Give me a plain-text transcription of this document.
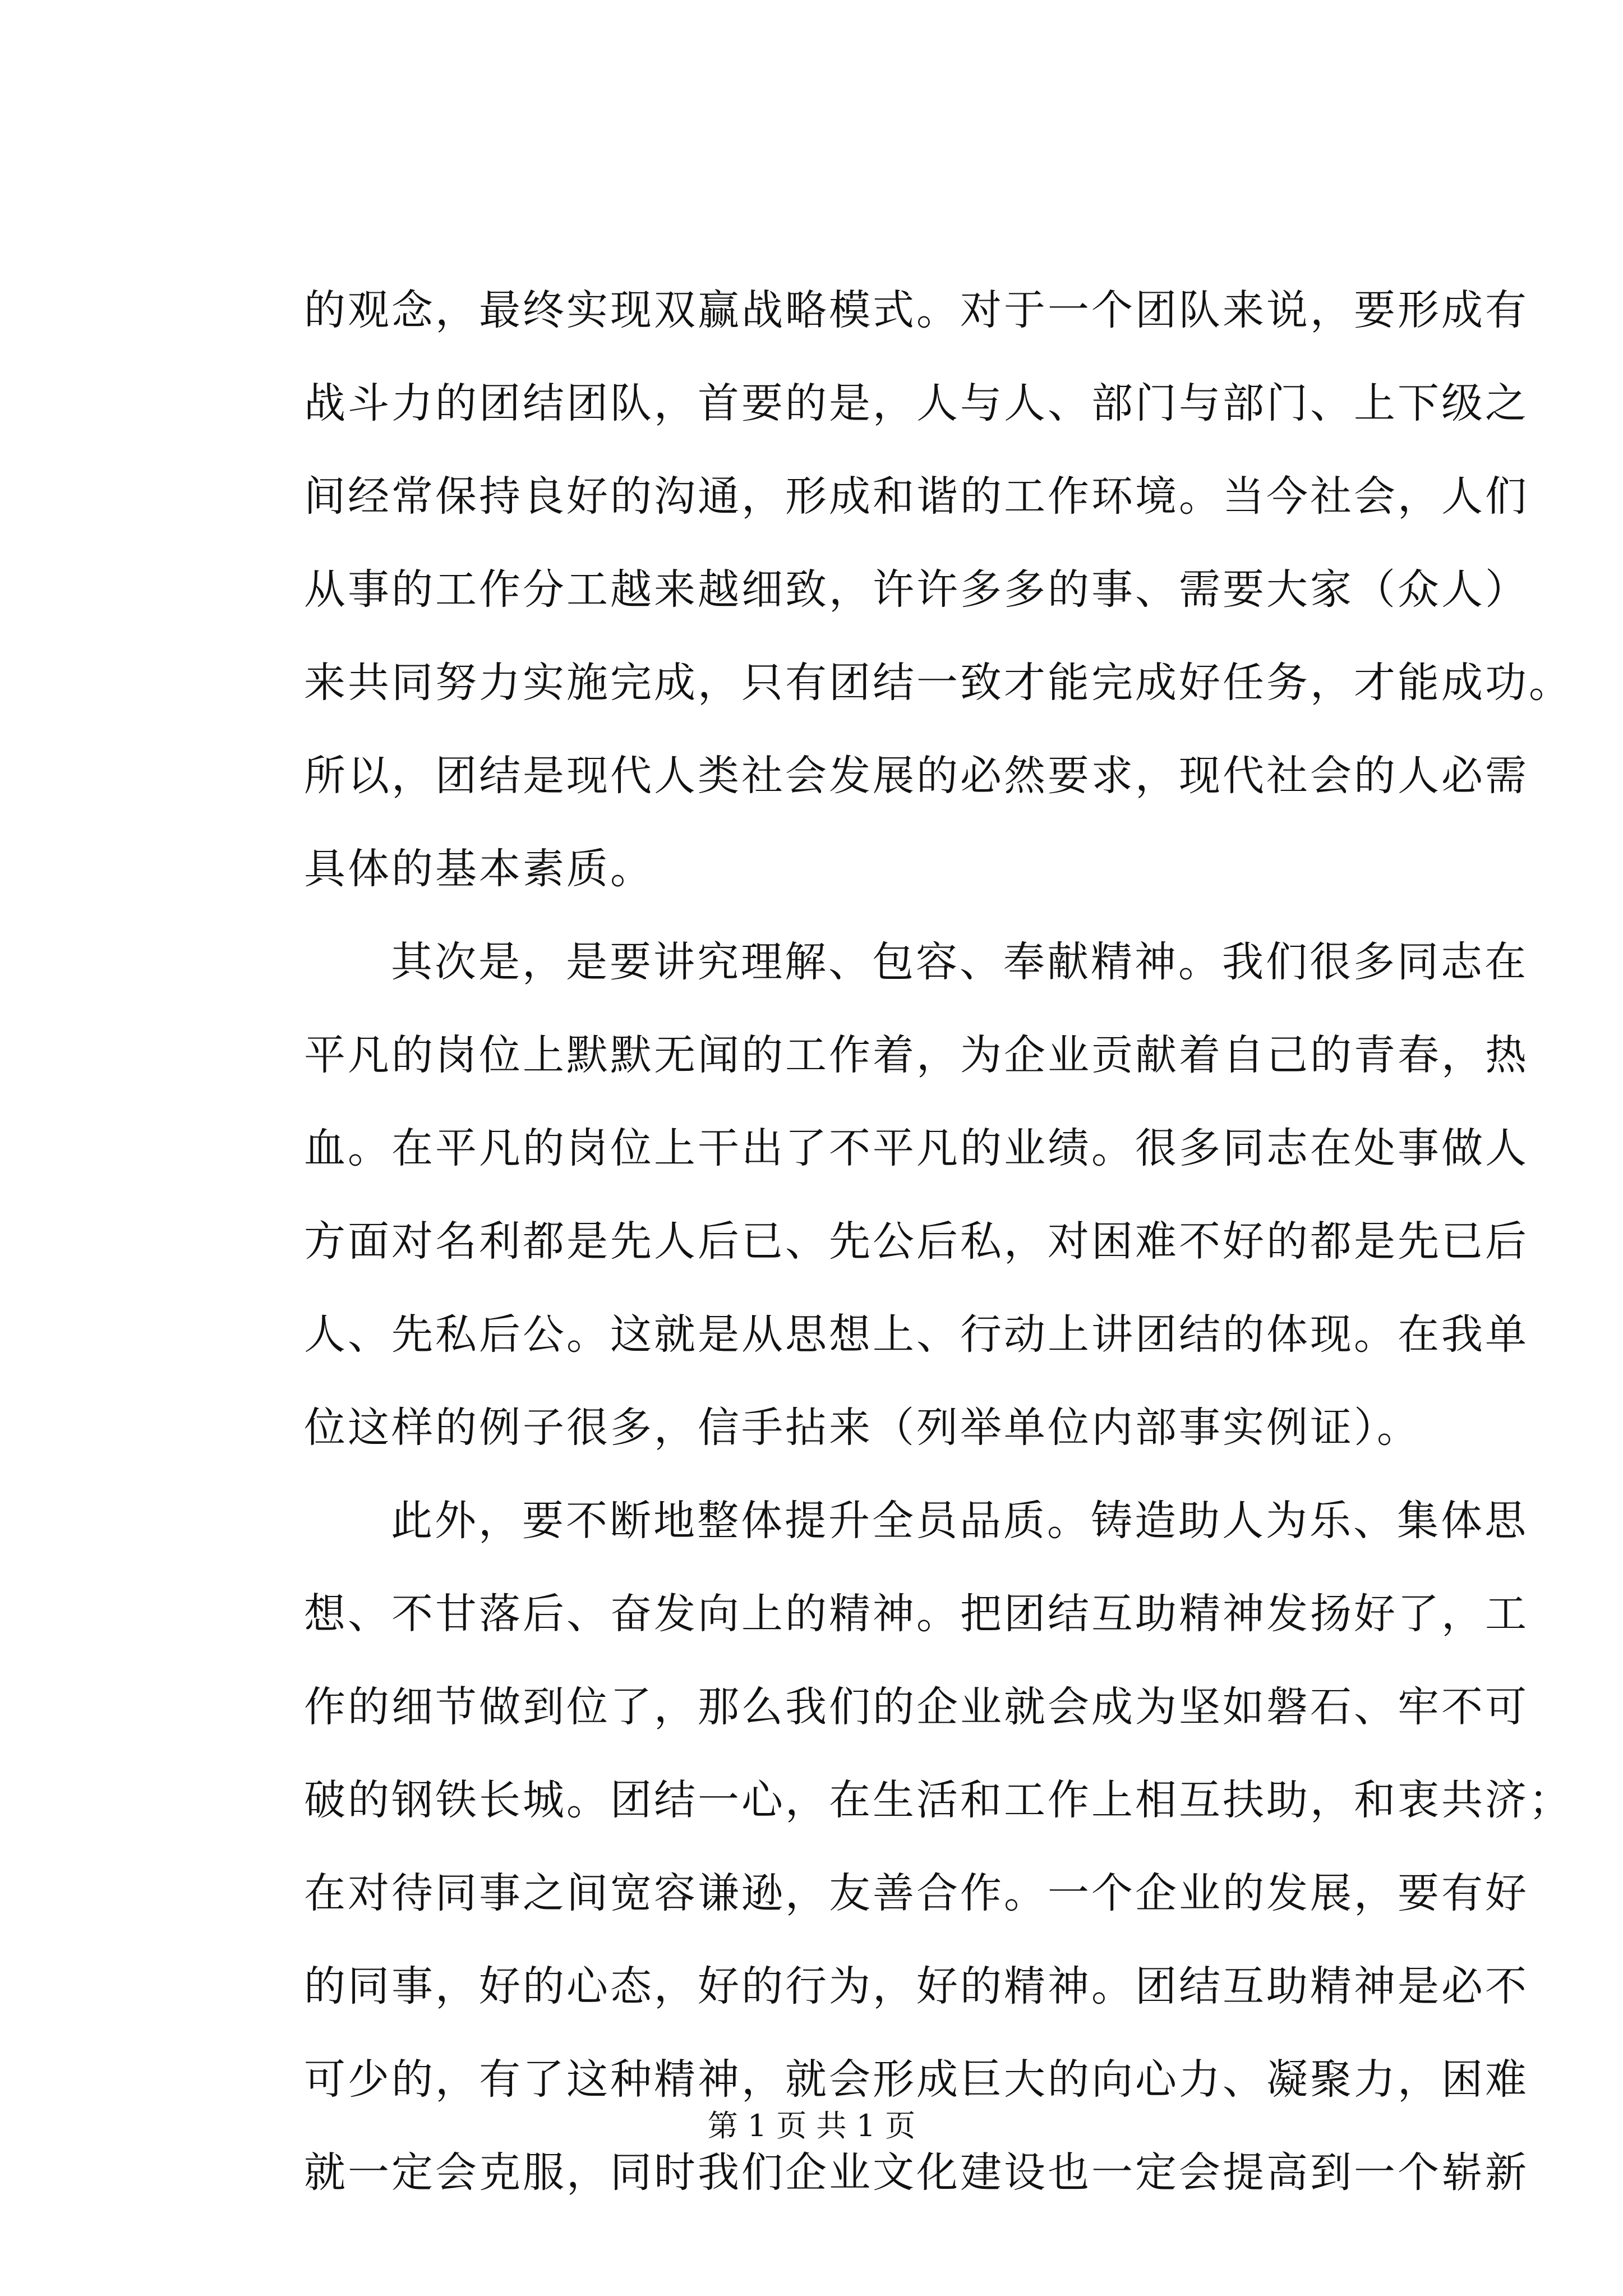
的观念，最终实现双赢战略模式。对于一个团队来说，要形成有
战斗力的团结团队，首要的是，人与人、部门与部门、上下级之
间经常保持良好的沟通，形成和谐的工作环境。当今社会，人们
从事的工作分工越来越细致，许许多多的事、需要大家（众人）
来共同努力实施完成，只有团结一致才能完成好任务，才能成功。
所以，团结是现代人类社会发展的必然要求，现代社会的人必需
具体的基本素质。
其次是，是要讲究理解、包容、奉献精神。我们很多同志在
平凡的岗位上默默无闻的工作着，为企业贡献着自己的青春，热
血。在平凡的岗位上干出了不平凡的业绩。很多同志在处事做人
方面对名利都是先人后已、先公后私，对困难不好的都是先已后
人、先私后公。这就是从思想上、行动上讲团结的体现。在我单
位这样的例子很多，信手拈来（列举单位内部事实例证）。
此外，要不断地整体提升全员品质。铸造助人为乐、集体思
想、不甘落后、奋发向上的精神。把团结互助精神发扬好了，工
作的细节做到位了，那么我们的企业就会成为坚如磐石、牢不可
破的钢铁长城。团结一心，在生活和工作上相互扶助，和衷共济；
在对待同事之间宽容谦逊，友善合作。一个企业的发展，要有好
的同事，好的心态，好的行为，好的精神。团结互助精神是必不
可少的，有了这种精神，就会形成巨大的向心力、凝聚力，困难
就一定会克服，同时我们企业文化建设也一定会提高到一个崭新
第 1 页 共 1 页
